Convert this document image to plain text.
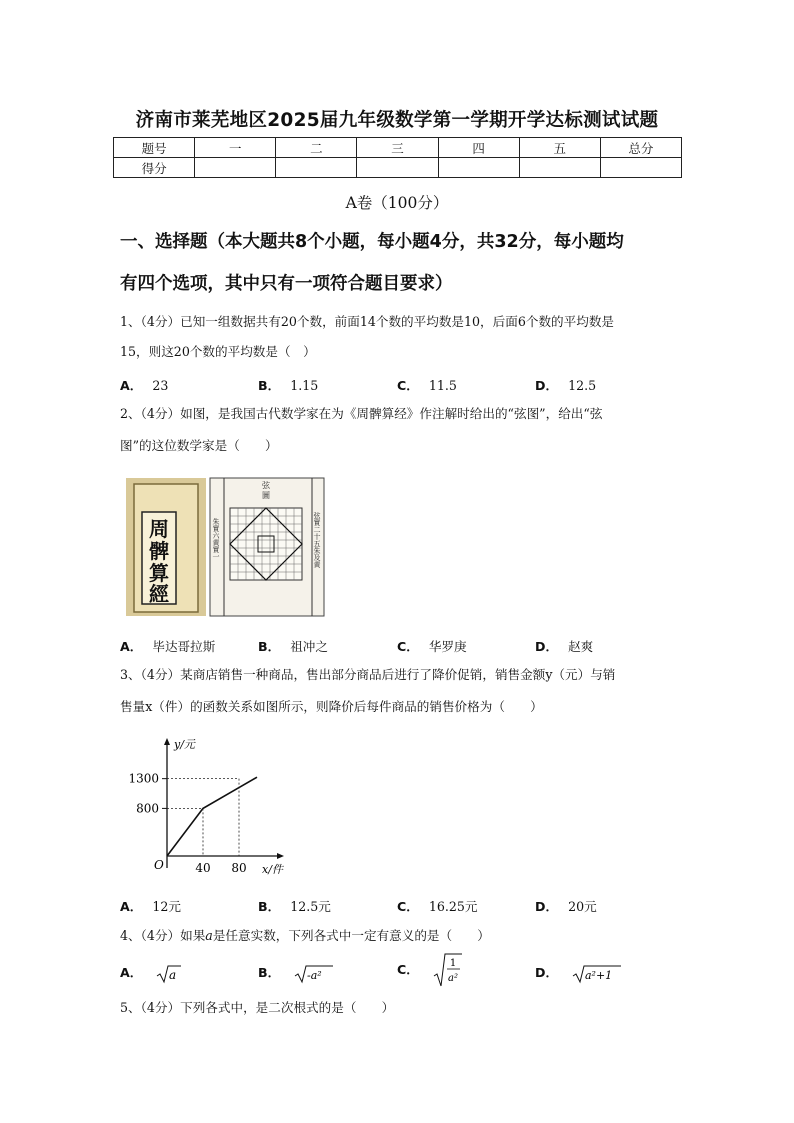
济南市莱芜地区2025届九年级数学第一学期开学达标测试试题
题号	一	二	三	四	五	总分
得分						
A卷（100分）
一、选择题（本大题共8个小题，每小题4分，共32分，每小题均
有四个选项，其中只有一项符合题目要求）
1、（4分）已知一组数据共有20个数，前面14个数的平均数是10，后面6个数的平均数是
15，则这20个数的平均数是（　）
A． 23	B． 1.15	C． 11.5	D． 12.5
2、（4分）如图，是我国古代数学家在为《周髀算经》作注解时给出的“弦图”，给出“弦
图”的这位数学家是（　　）
周
髀
算
經
弦
圖
朱實六黄實一	弦實二十五朱及黄
A． 毕达哥拉斯	B． 祖冲之	C． 华罗庚	D． 赵爽
3、（4分）某商店销售一种商品，售出部分商品后进行了降价促销，销售金额y（元）与销
售量x（件）的函数关系如图所示，则降价后每件商品的销售价格为（　　）
y/元
x/件
O
800
1300
40 80
A． 12元	B． 12.5元	C． 16.25元	D． 20元
4、（4分）如果a是任意实数，下列各式中一定有意义的是（　　）
A． a	B． -a²	C．	1
a²	D． a²+1
5、（4分）下列各式中，是二次根式的是（　　）
